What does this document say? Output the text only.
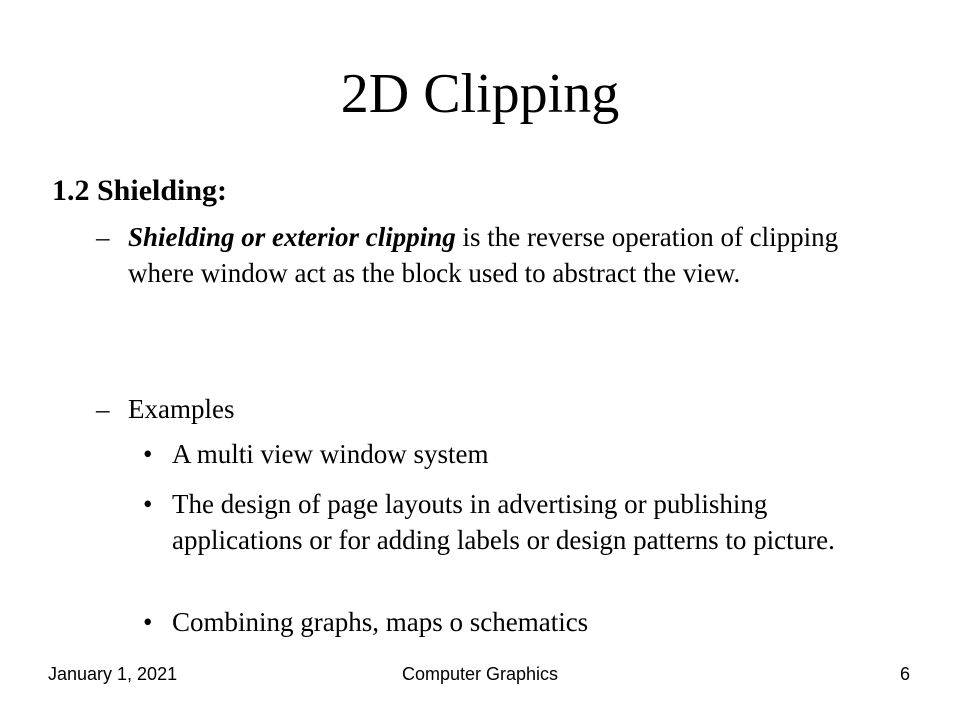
2D Clipping
1.2 Shielding:
– Shielding or exterior clipping is the reverse operation of clipping where window act as the block used to abstract the view.
– Examples
• A multi view window system
• The design of page layouts in advertising or publishing applications or for adding labels or design patterns to picture.
• Combining graphs, maps o schematics
January 1, 2021	Computer Graphics	6
